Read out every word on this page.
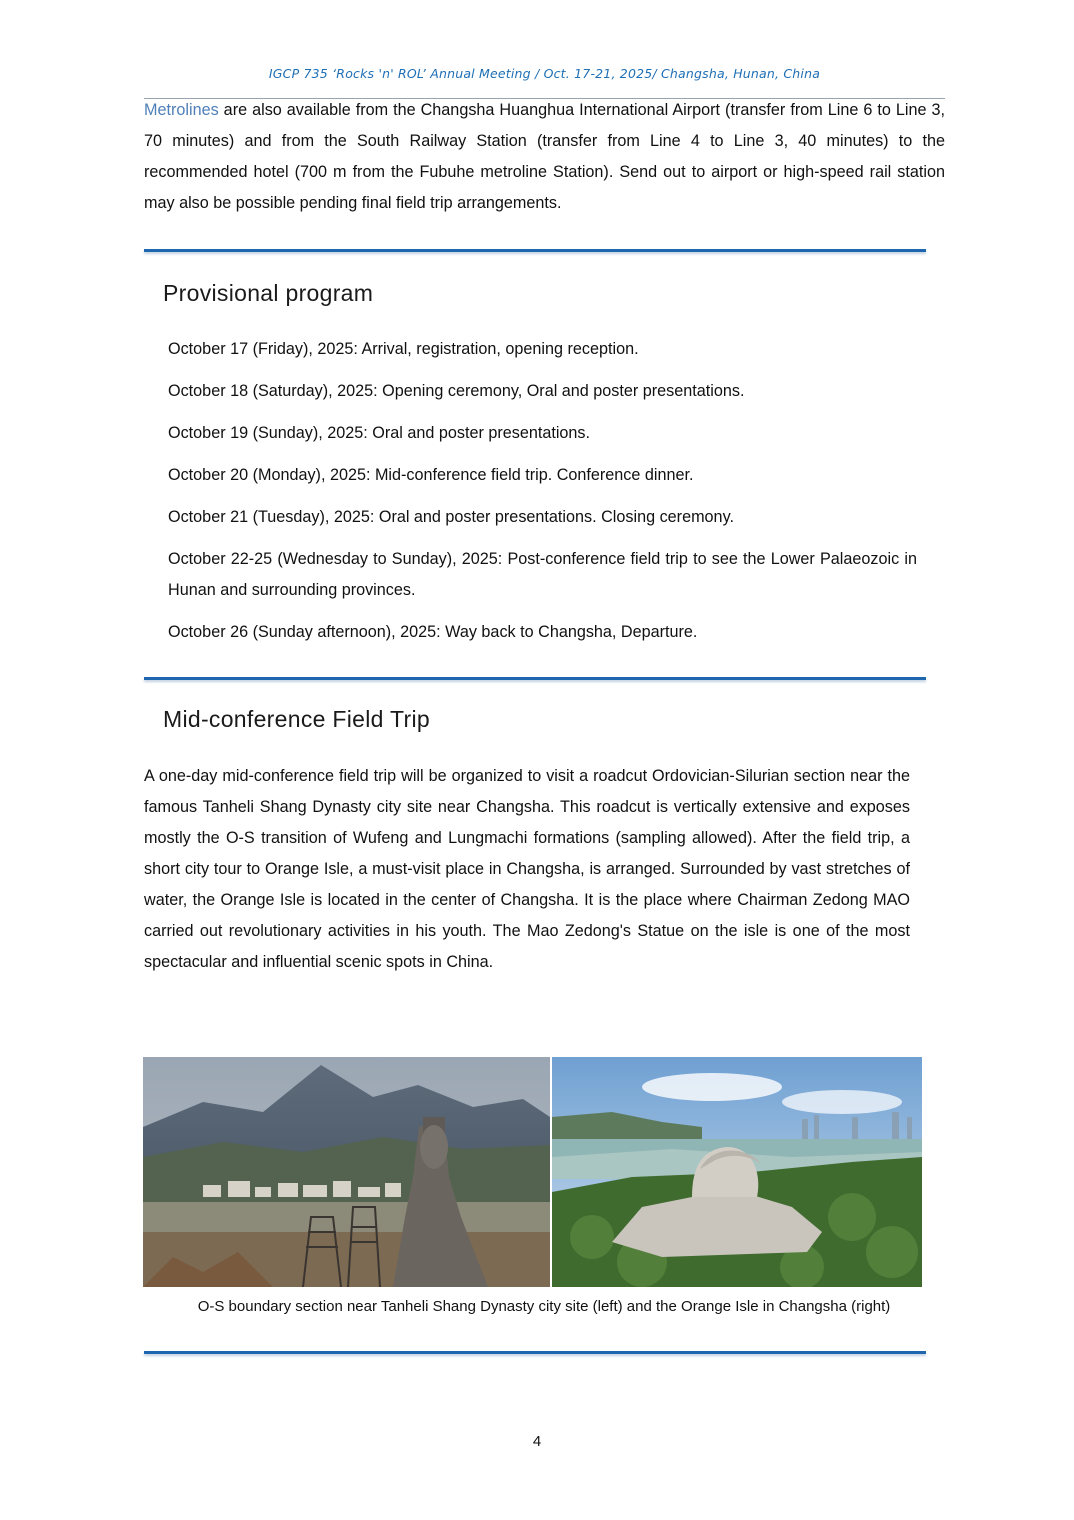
IGCP 735 ‘Rocks 'n' ROL’ Annual Meeting / Oct. 17-21, 2025/ Changsha, Hunan, China

Metrolines are also available from the Changsha Huanghua International Airport (transfer from Line 6 to Line 3, 70 minutes) and from the South Railway Station (transfer from Line 4 to Line 3, 40 minutes) to the recommended hotel (700 m from the Fubuhe metroline Station). Send out to airport or high-speed rail station may also be possible pending final field trip arrangements.

Provisional program
October 17 (Friday), 2025: Arrival, registration, opening reception.
October 18 (Saturday), 2025: Opening ceremony, Oral and poster presentations.
October 19 (Sunday), 2025: Oral and poster presentations.
October 20 (Monday), 2025: Mid-conference field trip. Conference dinner.
October 21 (Tuesday), 2025: Oral and poster presentations. Closing ceremony.
October 22-25 (Wednesday to Sunday), 2025: Post-conference field trip to see the Lower Palaeozoic in Hunan and surrounding provinces.
October 26 (Sunday afternoon), 2025: Way back to Changsha, Departure.
Mid-conference Field Trip

A one-day mid-conference field trip will be organized to visit a roadcut Ordovician-Silurian section near the famous Tanheli Shang Dynasty city site near Changsha. This roadcut is vertically extensive and exposes mostly the O-S transition of Wufeng and Lungmachi formations (sampling allowed). After the field trip, a short city tour to Orange Isle, a must-visit place in Changsha, is arranged. Surrounded by vast stretches of water, the Orange Isle is located in the center of Changsha. It is the place where Chairman Zedong MAO carried out revolutionary activities in his youth. The Mao Zedong's Statue on the isle is one of the most spectacular and influential scenic spots in China.

O-S boundary section near Tanheli Shang Dynasty city site (left) and the Orange Isle in Changsha (right)
4
